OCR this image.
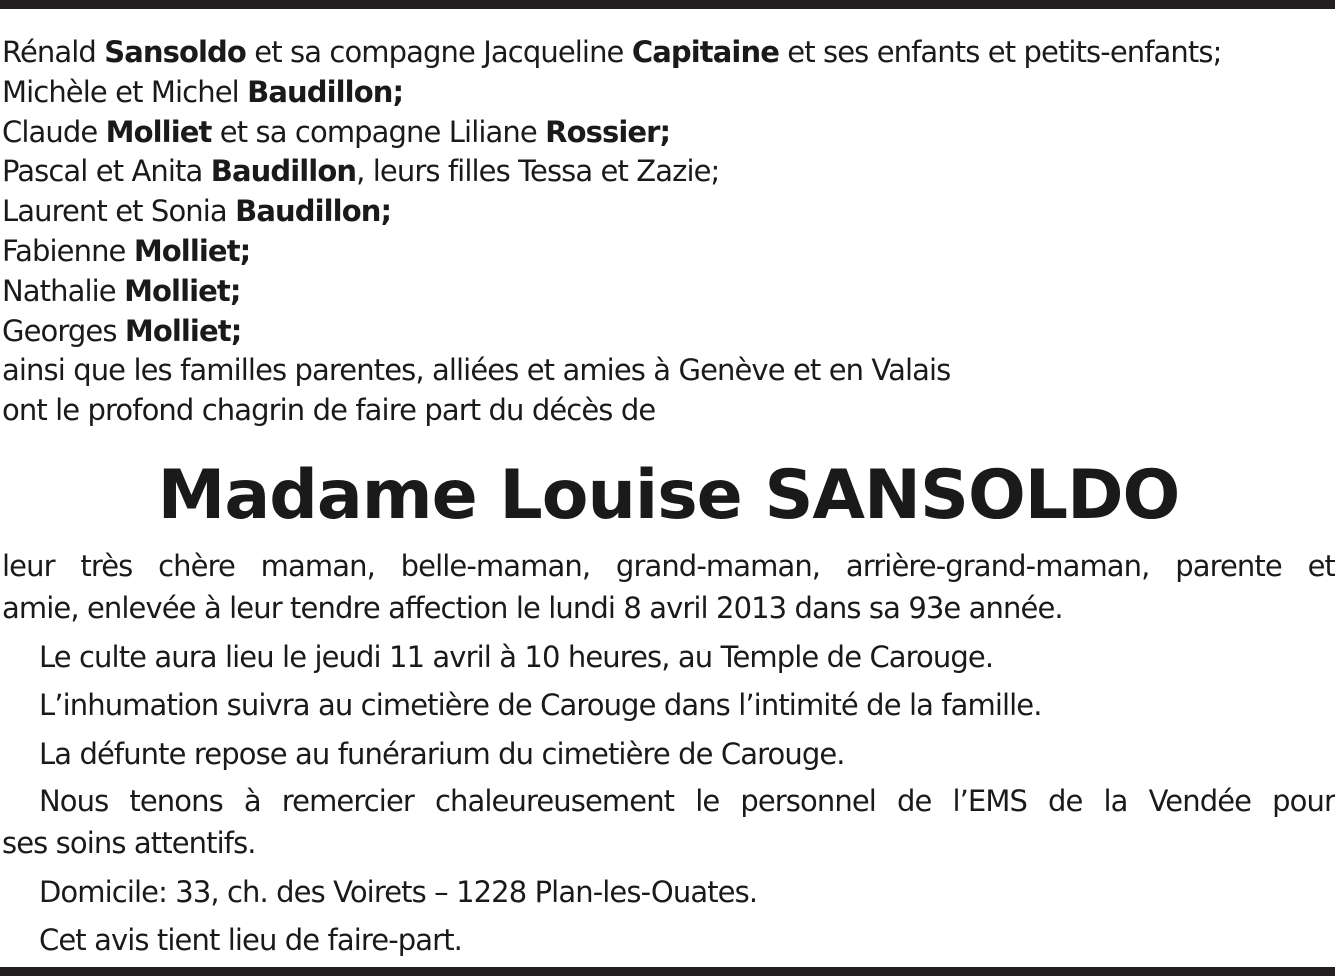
Rénald Sansoldo et sa compagne Jacqueline Capitaine et ses enfants et petits-enfants;
Michèle et Michel Baudillon;
Claude Molliet et sa compagne Liliane Rossier;
Pascal et Anita Baudillon, leurs filles Tessa et Zazie;
Laurent et Sonia Baudillon;
Fabienne Molliet;
Nathalie Molliet;
Georges Molliet;
ainsi que les familles parentes, alliées et amies à Genève et en Valais
ont le profond chagrin de faire part du décès de
Madame Louise SANSOLDO
leur très chère maman, belle-maman, grand-maman, arrière-grand-maman, parente et
amie, enlevée à leur tendre affection le lundi 8 avril 2013 dans sa 93e année.

Le culte aura lieu le jeudi 11 avril à 10 heures, au Temple de Carouge.

L’inhumation suivra au cimetière de Carouge dans l’intimité de la famille.

La défunte repose au funérarium du cimetière de Carouge.

Nous tenons à remercier chaleureusement le personnel de l’EMS de la Vendée pour
ses soins attentifs.

Domicile: 33, ch. des Voirets – 1228 Plan-les-Ouates.

Cet avis tient lieu de faire-part.
